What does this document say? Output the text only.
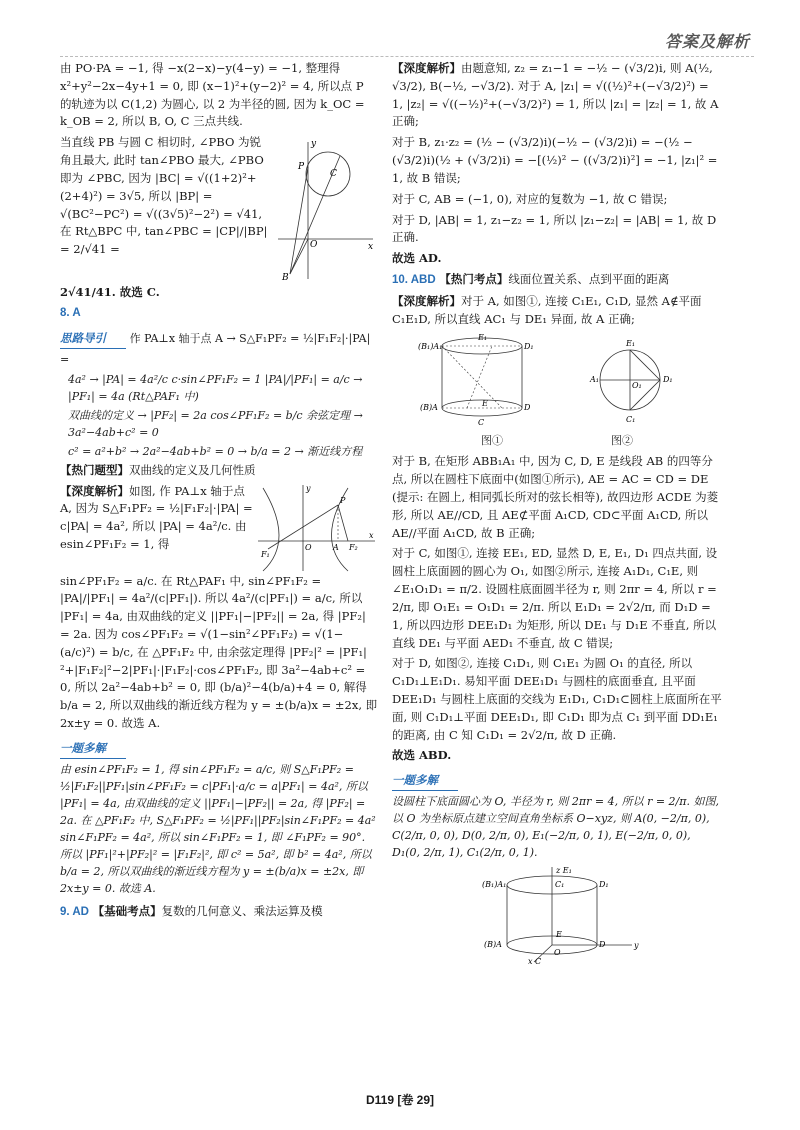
答案及解析

由 PO·PA = −1, 得 −x(2−x)−y(4−y) = −1, 整理得 x²+y²−2x−4y+1 = 0, 即 (x−1)²+(y−2)² = 4, 所以点 P 的轨迹为以 C(1,2) 为圆心, 以 2 为半径的圆, 因为 k_OC = k_OB = 2, 所以 B, O, C 三点共线.

当直线 PB 与圆 C 相切时, ∠PBO 为锐角且最大, 此时 tan∠PBO 最大, ∠PBO 即为 ∠PBC, 因为 |BC| = √((1+2)²+(2+4)²) = 3√5, 所以 |BP| = √(BC²−PC²) = √((3√5)²−2²) = √41, 在 Rt△BPC 中, tan∠PBC = |CP|/|BP| = 2/√41 =

P
C
O
B
y
x

2√41/41. 故选 C.

8. A

思路导引 作 PA⊥x 轴于点 A → S△F₁PF₂ = ½|F₁F₂|·|PA| =

4a² → |PA| = 4a²/c c·sin∠PF₁F₂ = 1 |PA|/|PF₁| = a/c → |PF₁| = 4a (Rt△PAF₁ 中)

双曲线的定义 → |PF₂| = 2a cos∠PF₁F₂ = b/c 余弦定理 → 3a²−4ab+c² = 0

c² = a²+b² → 2a²−4ab+b² = 0 → b/a = 2 → 渐近线方程

【热门题型】双曲线的定义及几何性质

【深度解析】如图, 作 PA⊥x 轴于点 A, 因为 S△F₁PF₂ = ½|F₁F₂|·|PA| = c|PA| = 4a², 所以 |PA| = 4a²/c. 由 esin∠PF₁F₂ = 1, 得

F₁
O	A F₂
P
y
x

sin∠PF₁F₂ = a/c. 在 Rt△PAF₁ 中, sin∠PF₁F₂ = |PA|/|PF₁| = 4a²/(c|PF₁|). 所以 4a²/(c|PF₁|) = a/c, 所以 |PF₁| = 4a, 由双曲线的定义 ||PF₁|−|PF₂|| = 2a, 得 |PF₂| = 2a. 因为 cos∠PF₁F₂ = √(1−sin²∠PF₁F₂) = √(1−(a/c)²) = b/c, 在 △PF₁F₂ 中, 由余弦定理得 |PF₂|² = |PF₁|²+|F₁F₂|²−2|PF₁|·|F₁F₂|·cos∠PF₁F₂, 即 3a²−4ab+c² = 0, 所以 2a²−4ab+b² = 0, 即 (b/a)²−4(b/a)+4 = 0, 解得 b/a = 2, 所以双曲线的渐近线方程为 y = ±(b/a)x = ±2x, 即 2x±y = 0. 故选 A.

一题多解

由 esin∠PF₁F₂ = 1, 得 sin∠PF₁F₂ = a/c, 则 S△F₁PF₂ = ½|F₁F₂||PF₁|sin∠PF₁F₂ = c|PF₁|·a/c = a|PF₁| = 4a², 所以 |PF₁| = 4a, 由双曲线的定义 ||PF₁|−|PF₂|| = 2a, 得 |PF₂| = 2a. 在 △PF₁F₂ 中, S△F₁PF₂ = ½|PF₁||PF₂|sin∠F₁PF₂ = 4a² sin∠F₁PF₂ = 4a², 所以 sin∠F₁PF₂ = 1, 即 ∠F₁PF₂ = 90°. 所以 |PF₁|²+|PF₂|² = |F₁F₂|², 即 c² = 5a², 即 b² = 4a², 所以 b/a = 2, 所以双曲线的渐近线方程为 y = ±(b/a)x = ±2x, 即 2x±y = 0. 故选 A.

9. AD 【基础考点】复数的几何意义、乘法运算及模

【深度解析】由题意知, z₂ = z₁−1 = −½ − (√3/2)i, 则 A(½, √3/2), B(−½, −√3/2). 对于 A, |z₁| = √((½)²+(−√3/2)²) = 1, |z₂| = √((−½)²+(−√3/2)²) = 1, 所以 |z₁| = |z₂| = 1, 故 A 正确;

对于 B, z₁·z₂ = (½ − (√3/2)i)(−½ − (√3/2)i) = −(½ − (√3/2)i)(½ + (√3/2)i) = −[(½)² − ((√3/2)i)²] = −1, |z₁|² = 1, 故 B 错误;

对于 C, AB = (−1, 0), 对应的复数为 −1, 故 C 错误;

对于 D, |AB| = 1, z₁−z₂ = 1, 所以 |z₁−z₂| = |AB| = 1, 故 D 正确.

故选 AD.

10. ABD 【热门考点】线面位置关系、点到平面的距离

【深度解析】对于 A, 如图①, 连接 C₁E₁, C₁D, 显然 A∉平面 C₁E₁D, 所以直线 AC₁ 与 DE₁ 异面, 故 A 正确;

(B₁)A₁	D₁
E₁
(B)A	D
C
E
E₁
A₁	D₁
C₁
O₁
图①	图②

对于 B, 在矩形 ABB₁A₁ 中, 因为 C, D, E 是线段 AB 的四等分点, 所以在圆柱下底面中(如图①所示), AE = AC = CD = DE (提示: 在圆上, 相同弧长所对的弦长相等), 故四边形 ACDE 为菱形, 所以 AE//CD, 且 AE⊄平面 A₁CD, CD⊂平面 A₁CD, 所以 AE//平面 A₁CD, 故 B 正确;

对于 C, 如图①, 连接 EE₁, ED, 显然 D, E, E₁, D₁ 四点共面, 设圆柱上底面圆的圆心为 O₁, 如图②所示, 连接 A₁D₁, C₁E, 则 ∠E₁O₁D₁ = π/2. 设圆柱底面圆半径为 r, 则 2πr = 4, 所以 r = 2/π, 即 O₁E₁ = O₁D₁ = 2/π. 所以 E₁D₁ = 2√2/π, 而 D₁D = 1, 所以四边形 DEE₁D₁ 为矩形, 所以 DE₁ 与 D₁E 不垂直, 所以直线 DE₁ 与平面 AED₁ 不垂直, 故 C 错误;

对于 D, 如图②, 连接 C₁D₁, 则 C₁E₁ 为圆 O₁ 的直径, 所以 C₁D₁⊥E₁D₁. 易知平面 DEE₁D₁ 与圆柱的底面垂直, 且平面 DEE₁D₁ 与圆柱上底面的交线为 E₁D₁, C₁D₁⊂圆柱上底面所在平面, 则 C₁D₁⊥平面 DEE₁D₁, 即 C₁D₁ 即为点 C₁ 到平面 DD₁E₁ 的距离, 由 C 知 C₁D₁ = 2√2/π, 故 D 正确.

故选 ABD.

一题多解

设圆柱下底面圆心为 O, 半径为 r, 则 2πr = 4, 所以 r = 2/π. 如图, 以 O 为坐标原点建立空间直角坐标系 O−xyz, 则 A(0, −2/π, 0), C(2/π, 0, 0), D(0, 2/π, 0), E₁(−2/π, 0, 1), E(−2/π, 0, 0), D₁(0, 2/π, 1), C₁(2/π, 0, 1).

z E₁
(B₁)A₁	D₁
C₁
(B)A	D
E
O
y
x C
D119 [卷 29]
